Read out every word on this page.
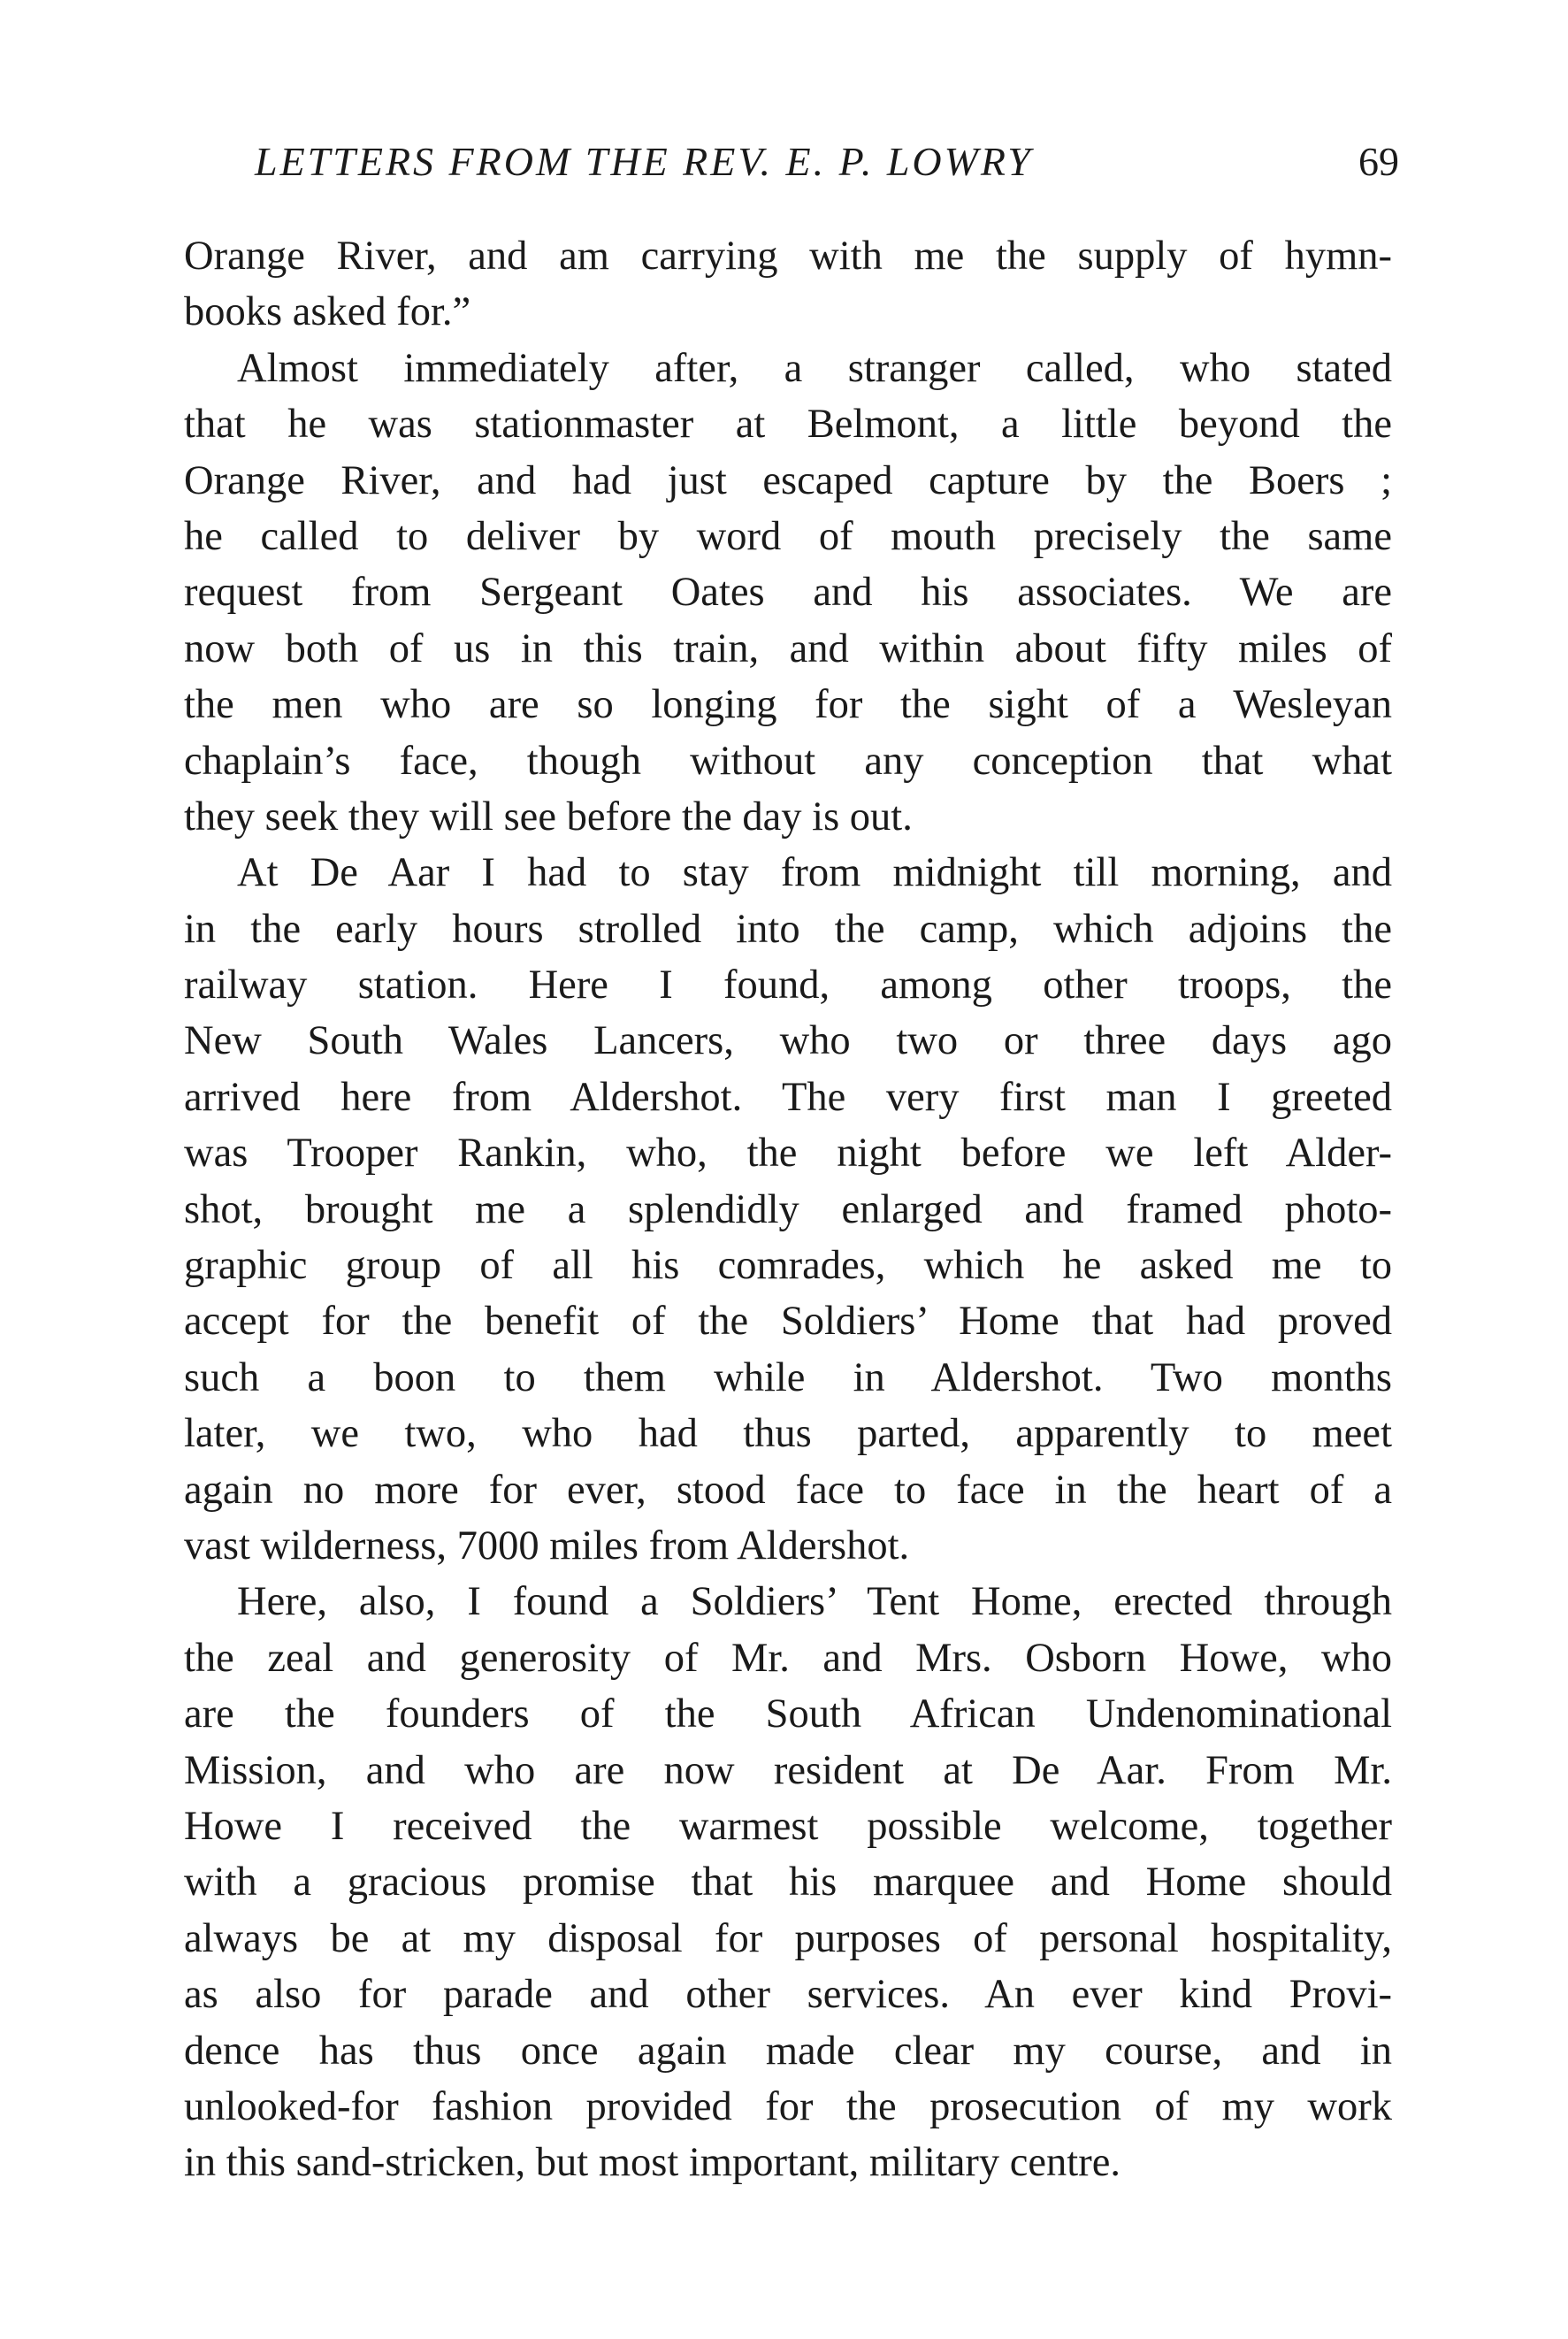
LETTERS FROM THE REV. E. P. LOWRY	69
Orange River, and am carrying with me the supply of hymn-
books asked for.”
Almost immediately after, a stranger called, who stated
that he was stationmaster at Belmont, a little beyond the
Orange River, and had just escaped capture by the Boers ;
he called to deliver by word of mouth precisely the same
request from Sergeant Oates and his associates. We are
now both of us in this train, and within about fifty miles of
the men who are so longing for the sight of a Wesleyan
chaplain’s face, though without any conception that what
they seek they will see before the day is out.
At De Aar I had to stay from midnight till morning, and
in the early hours strolled into the camp, which adjoins the
railway station. Here I found, among other troops, the
New South Wales Lancers, who two or three days ago
arrived here from Aldershot. The very first man I greeted
was Trooper Rankin, who, the night before we left Alder-
shot, brought me a splendidly enlarged and framed photo-
graphic group of all his comrades, which he asked me to
accept for the benefit of the Soldiers’ Home that had proved
such a boon to them while in Aldershot. Two months
later, we two, who had thus parted, apparently to meet
again no more for ever, stood face to face in the heart of a
vast wilderness, 7000 miles from Aldershot.
Here, also, I found a Soldiers’ Tent Home, erected through
the zeal and generosity of Mr. and Mrs. Osborn Howe, who
are the founders of the South African Undenominational
Mission, and who are now resident at De Aar. From Mr.
Howe I received the warmest possible welcome, together
with a gracious promise that his marquee and Home should
always be at my disposal for purposes of personal hospitality,
as also for parade and other services. An ever kind Provi-
dence has thus once again made clear my course, and in
unlooked-for fashion provided for the prosecution of my work
in this sand-stricken, but most important, military centre.
